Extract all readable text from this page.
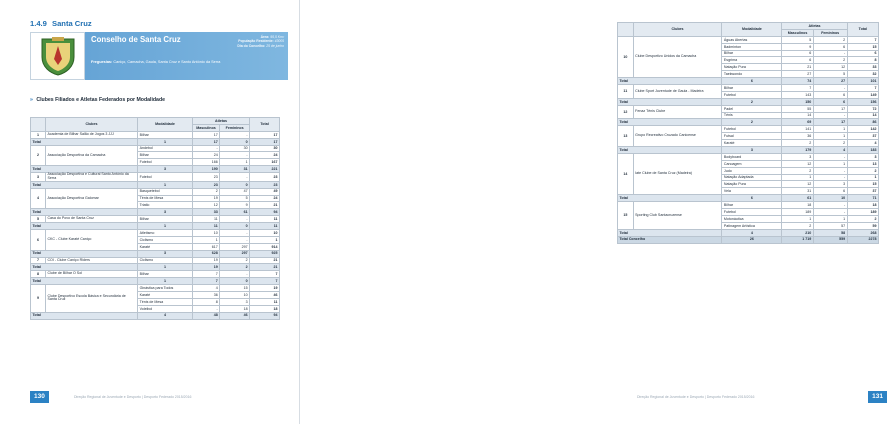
1.4.9 Santa Cruz
Conselho de Santa Cruz	Área: 95,5 Km²
População Residente: 43005
Dia do Concelho: 25 de junho
Freguesias: Caniço, Camacha, Gaula, Santa Cruz e Santo António da Serra
» Clubes Filiados e Atletas Federados por Modalidade
	Clubes	Modalidade	Atletas		Total
			Masculinos	Femininos	
1	Academia de Bilhar Salão de Jogos 3 JJJ	Bilhar	17	-	17
Total		1	17	0	17
2	Associação Desportiva da Camacha	Andebol	-	30	30
		Bilhar	24	-	24
		Futebol	166	1	167
Total		3	190	31	221
3	Associação Desportiva e Cultural Santo António da Serra	Futebol	23	-	23
Total		1	23	0	23
4	Associação Desportiva Galomar	Basquetebol	2	47	49
		Ténis de Mesa	19	5	24
		Triatlo	12	9	21
Total		3	33	61	94
5	Casa do Povo de Santa Cruz	Bilhar	11	-	11
Total		1	11	0	11
6	CKC - Clube Karaté Caniço	Atletismo	10	-	10
		Ciclismo	1	-	1
		Karaté	617	297	914
Total		3	628	297	925
7	COI - Clube Caniço Riders	Ciclismo	19	2	21
Total		1	19	2	21
8	Clube de Bilhar O Sol	Bilhar	7	-	7
Total		1	7	0	7
9	Clube Desportivo Escola Básica e Secundária de Santa Cruz	Ginástica para Todos	4	15	19
		Karaté	36	10	46
		Ténis de Mesa	8	3	11
		Voleibol	-	18	18
Total		4	48	46	94
130	Direção Regional de Juventude e Desporto | Desporto Federado 2015/2016
	Clubes	Modalidade	Atletas		Total
			Masculinos	Femininos	
10	Clube Desportivo Unidos da Camacha	Águas Abertas	5	2	7
		Badminton	9	6	15
		Bilhar	6	-	6
		Esgrima	6	2	8
		Natação Pura	21	12	33
		Taekwondo	27	5	32
Total		6	74	27	101
11	Clube Sport Juventude de Gaula - Madeira	Bilhar	7	-	7
		Futebol	143	6	149
Total		2	150	6	156
12	Fenaz Ténis Clube	Padel	55	17	72
		Ténis	14	-	14
Total		2	69	17	86
13	Grupo Recreativo Cruzado Canicense	Futebol	141	1	142
		Futsal	36	1	37
		Karaté	2	2	4
Total		3	179	4	183
14	Iate Clube de Santa Cruz (Madeira)	Bodyboard	3	-	3
		Canoagem	12	1	13
		Judo	2	-	2
		Natação Adaptada	1	-	1
		Natação Pura	12	3	15
		Vela	31	6	37
Total		6	61	10	71
15	Sporting Club Santacruzense	Bilhar	18	-	18
		Futebol	189	-	189
		Motonáutica	1	1	2
		Patinagem Artística	2	57	59
Total		4	210	58	268
Total Concelho		26	1 719	559	2278
Direção Regional de Juventude e Desporto | Desporto Federado 2015/2016	131
